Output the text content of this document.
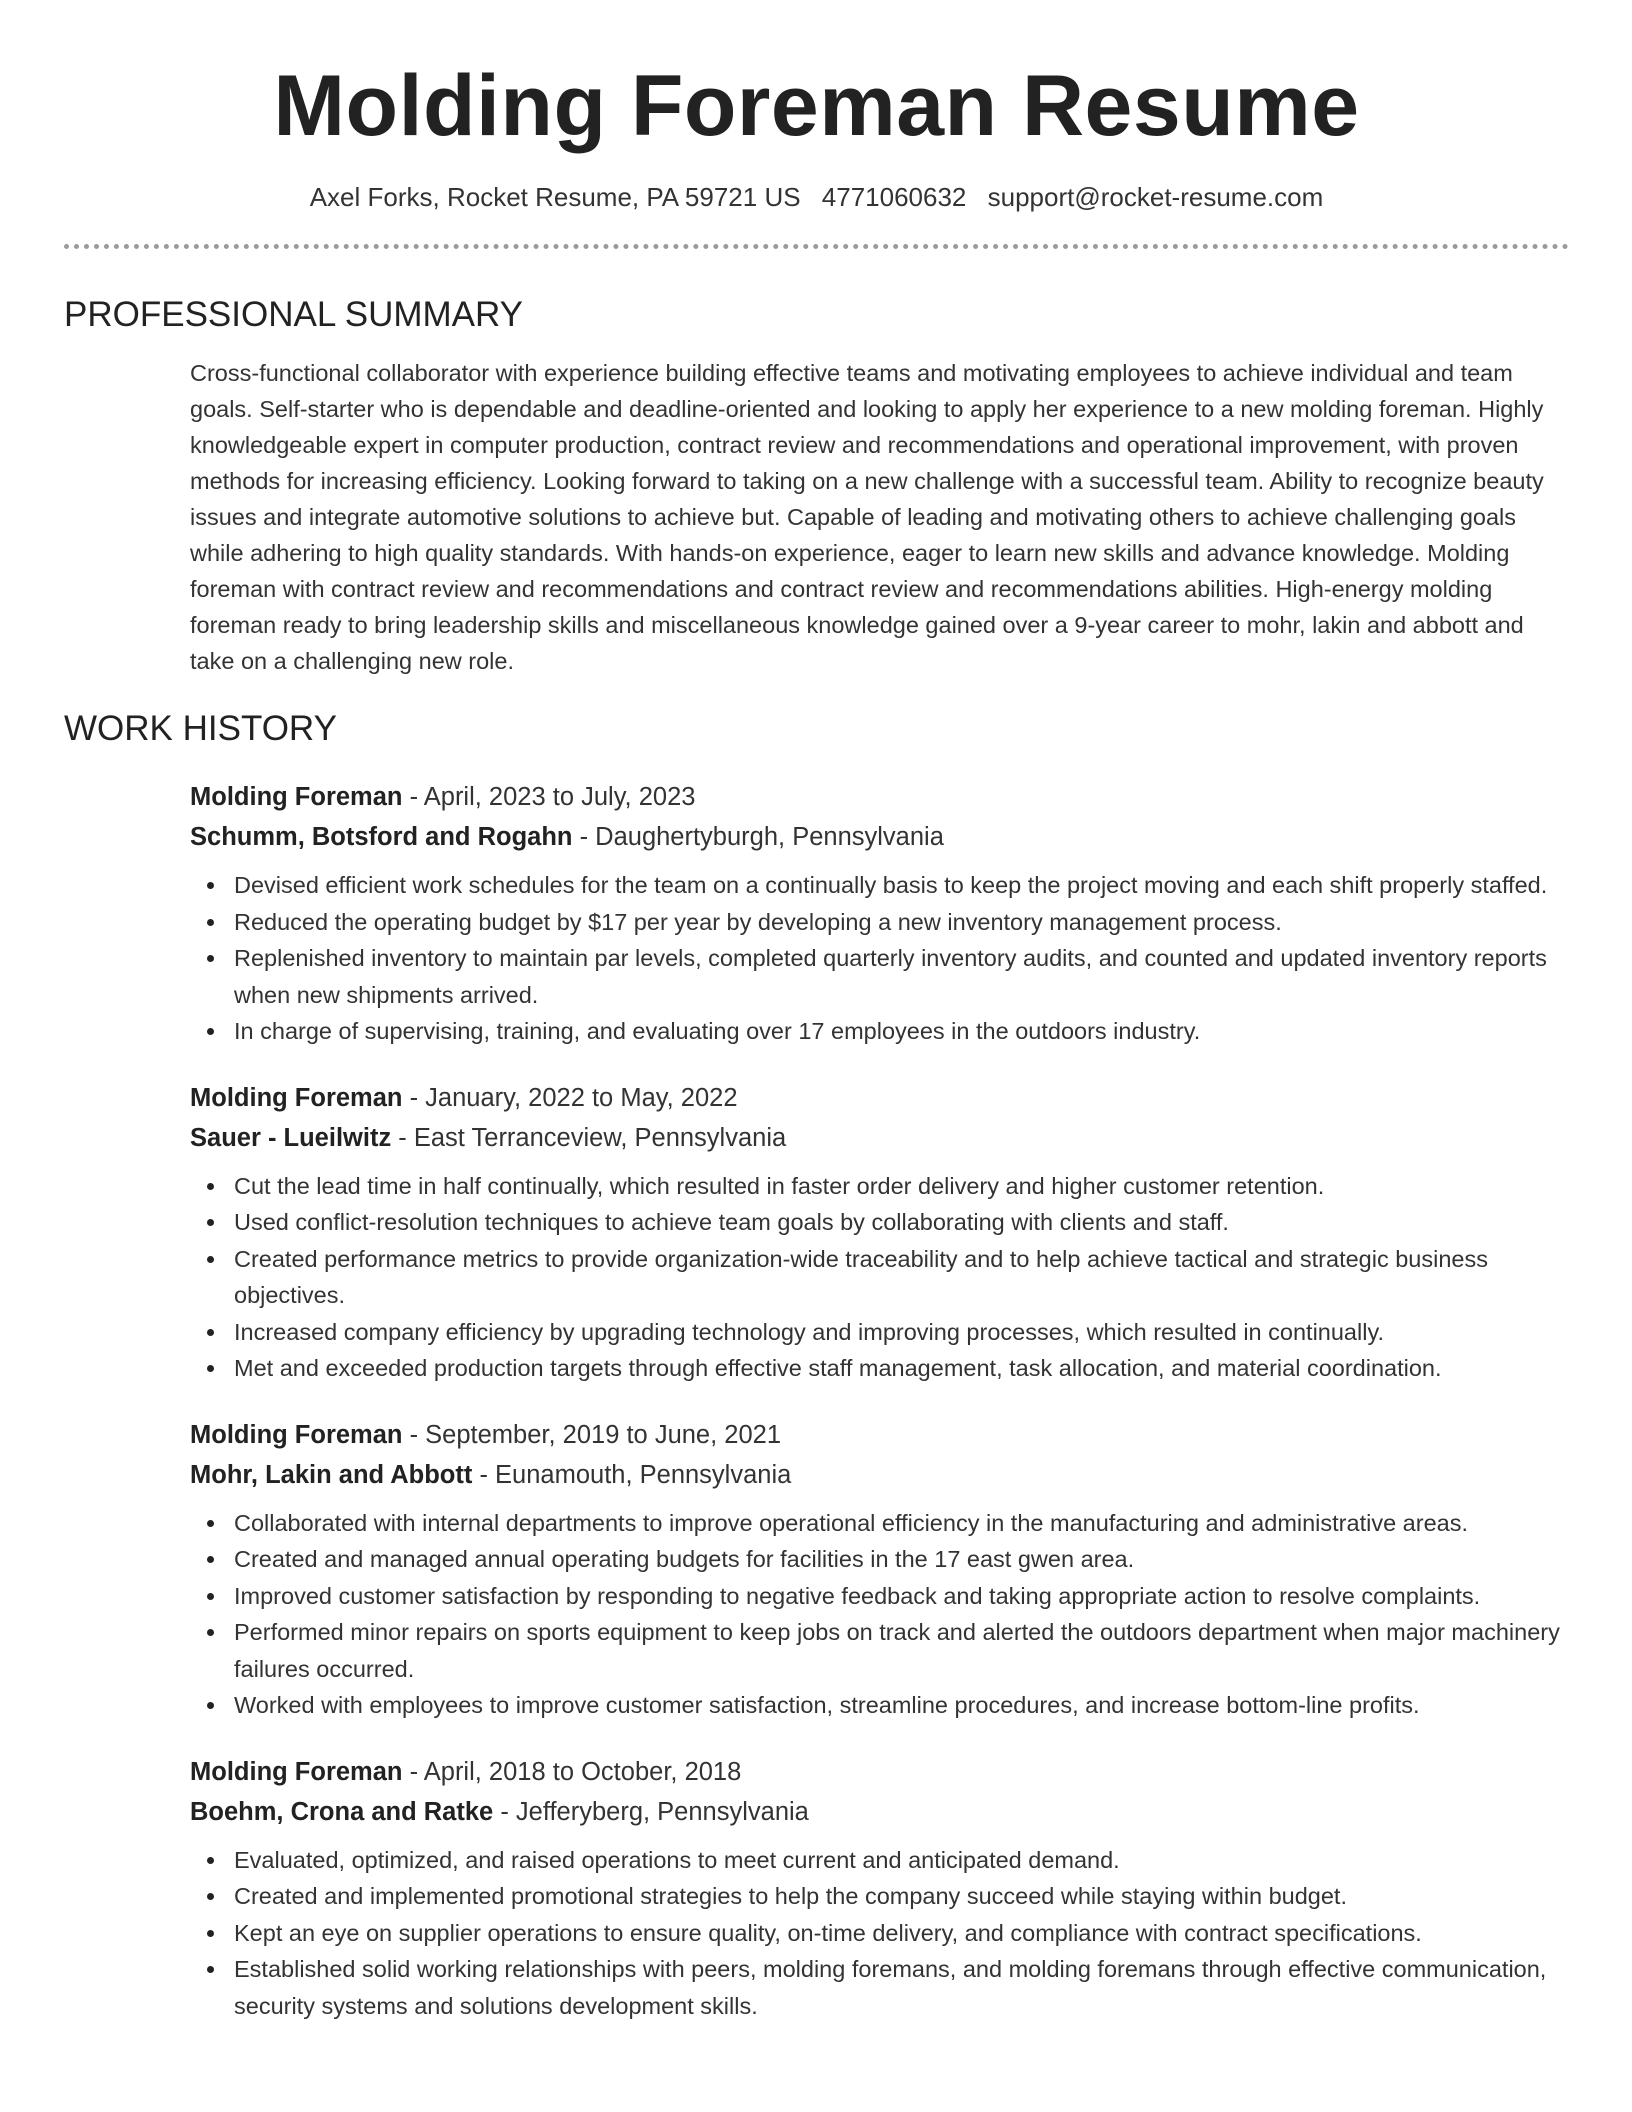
Molding Foreman Resume
Axel Forks, Rocket Resume, PA 59721 US 4771060632 support@rocket-resume.com
PROFESSIONAL SUMMARY

Cross-functional collaborator with experience building effective teams and motivating employees to achieve individual and team goals. Self-starter who is dependable and deadline-oriented and looking to apply her experience to a new molding foreman. Highly knowledgeable expert in computer production, contract review and recommendations and operational improvement, with proven methods for increasing efficiency. Looking forward to taking on a new challenge with a successful team. Ability to recognize beauty issues and integrate automotive solutions to achieve but. Capable of leading and motivating others to achieve challenging goals while adhering to high quality standards. With hands-on experience, eager to learn new skills and advance knowledge. Molding foreman with contract review and recommendations and contract review and recommendations abilities. High-energy molding foreman ready to bring leadership skills and miscellaneous knowledge gained over a 9-year career to mohr, lakin and abbott and take on a challenging new role.

WORK HISTORY
Molding Foreman - April, 2023 to July, 2023
Schumm, Botsford and Rogahn - Daughertyburgh, Pennsylvania
Devised efficient work schedules for the team on a continually basis to keep the project moving and each shift properly staffed.
Reduced the operating budget by $17 per year by developing a new inventory management process.
Replenished inventory to maintain par levels, completed quarterly inventory audits, and counted and updated inventory reports when new shipments arrived.
In charge of supervising, training, and evaluating over 17 employees in the outdoors industry.
Molding Foreman - January, 2022 to May, 2022
Sauer - Lueilwitz - East Terranceview, Pennsylvania
Cut the lead time in half continually, which resulted in faster order delivery and higher customer retention.
Used conflict-resolution techniques to achieve team goals by collaborating with clients and staff.
Created performance metrics to provide organization-wide traceability and to help achieve tactical and strategic business objectives.
Increased company efficiency by upgrading technology and improving processes, which resulted in continually.
Met and exceeded production targets through effective staff management, task allocation, and material coordination.
Molding Foreman - September, 2019 to June, 2021
Mohr, Lakin and Abbott - Eunamouth, Pennsylvania
Collaborated with internal departments to improve operational efficiency in the manufacturing and administrative areas.
Created and managed annual operating budgets for facilities in the 17 east gwen area.
Improved customer satisfaction by responding to negative feedback and taking appropriate action to resolve complaints.
Performed minor repairs on sports equipment to keep jobs on track and alerted the outdoors department when major machinery failures occurred.
Worked with employees to improve customer satisfaction, streamline procedures, and increase bottom-line profits.
Molding Foreman - April, 2018 to October, 2018
Boehm, Crona and Ratke - Jefferyberg, Pennsylvania
Evaluated, optimized, and raised operations to meet current and anticipated demand.
Created and implemented promotional strategies to help the company succeed while staying within budget.
Kept an eye on supplier operations to ensure quality, on-time delivery, and compliance with contract specifications.
Established solid working relationships with peers, molding foremans, and molding foremans through effective communication, security systems and solutions development skills.
